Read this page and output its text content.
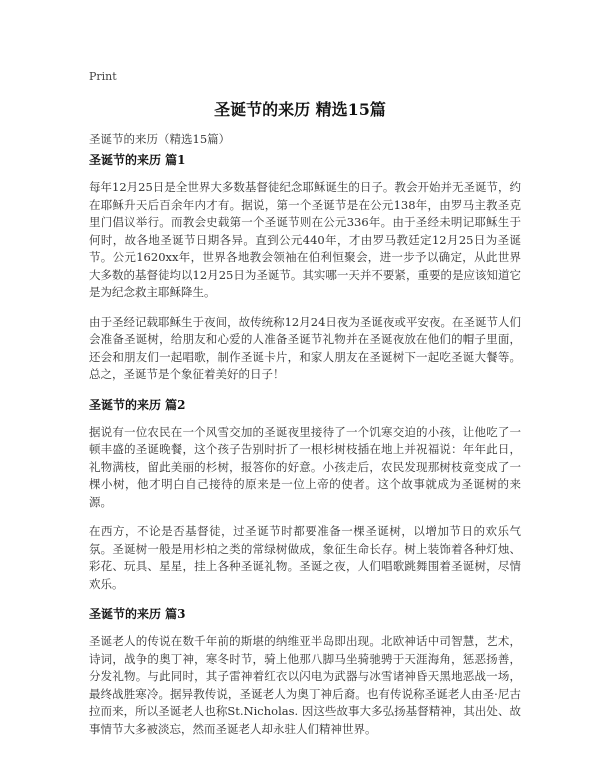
Print
圣诞节的来历 精选15篇
圣诞节的来历（精选15篇）
圣诞节的来历 篇1

每年12月25日是全世界大多数基督徒纪念耶稣诞生的日子。教会开始并无圣诞节，约在耶稣升天后百余年内才有。据说，第一个圣诞节是在公元138年，由罗马主教圣克里门倡议举行。而教会史载第一个圣诞节则在公元336年。由于圣经未明记耶稣生于何时，故各地圣诞节日期各异。直到公元440年，才由罗马教廷定12月25日为圣诞节。公元1620xx年，世界各地教会领袖在伯利恒聚会，进一步予以确定，从此世界大多数的基督徒均以12月25日为圣诞节。其实哪一天并不要紧，重要的是应该知道它是为纪念救主耶稣降生。

由于圣经记载耶稣生于夜间，故传统称12月24日夜为圣诞夜或平安夜。在圣诞节人们会准备圣诞树，给朋友和心爱的人准备圣诞节礼物并在圣诞夜放在他们的帽子里面，还会和朋友们一起唱歌，制作圣诞卡片，和家人朋友在圣诞树下一起吃圣诞大餐等。总之，圣诞节是个象征着美好的日子！

圣诞节的来历 篇2

据说有一位农民在一个风雪交加的圣诞夜里接待了一个饥寒交迫的小孩，让他吃了一顿丰盛的圣诞晚餐，这个孩子告别时折了一根杉树枝插在地上并祝福说：年年此日，礼物满枝，留此美丽的杉树，报答你的好意。小孩走后，农民发现那树枝竟变成了一棵小树，他才明白自己接待的原来是一位上帝的使者。这个故事就成为圣诞树的来源。

在西方，不论是否基督徒，过圣诞节时都要准备一棵圣诞树，以增加节日的欢乐气氛。圣诞树一般是用杉柏之类的常绿树做成，象征生命长存。树上装饰着各种灯烛、彩花、玩具、星星，挂上各种圣诞礼物。圣诞之夜，人们唱歌跳舞围着圣诞树，尽情欢乐。

圣诞节的来历 篇3

圣诞老人的传说在数千年前的斯堪的纳维亚半岛即出现。北欧神话中司智慧，艺术，诗词，战争的奥丁神，寒冬时节，骑上他那八脚马坐骑驰骋于天涯海角，惩恶扬善，分发礼物。与此同时，其子雷神着红衣以闪电为武器与冰雪诸神昏天黑地恶战一场，最终战胜寒冷。据异教传说，圣诞老人为奥丁神后裔。也有传说称圣诞老人由圣·尼古拉而来，所以圣诞老人也称St.Nicholas. 因这些故事大多弘扬基督精神，其出处、故事情节大多被淡忘，然而圣诞老人却永驻人们精神世界。
